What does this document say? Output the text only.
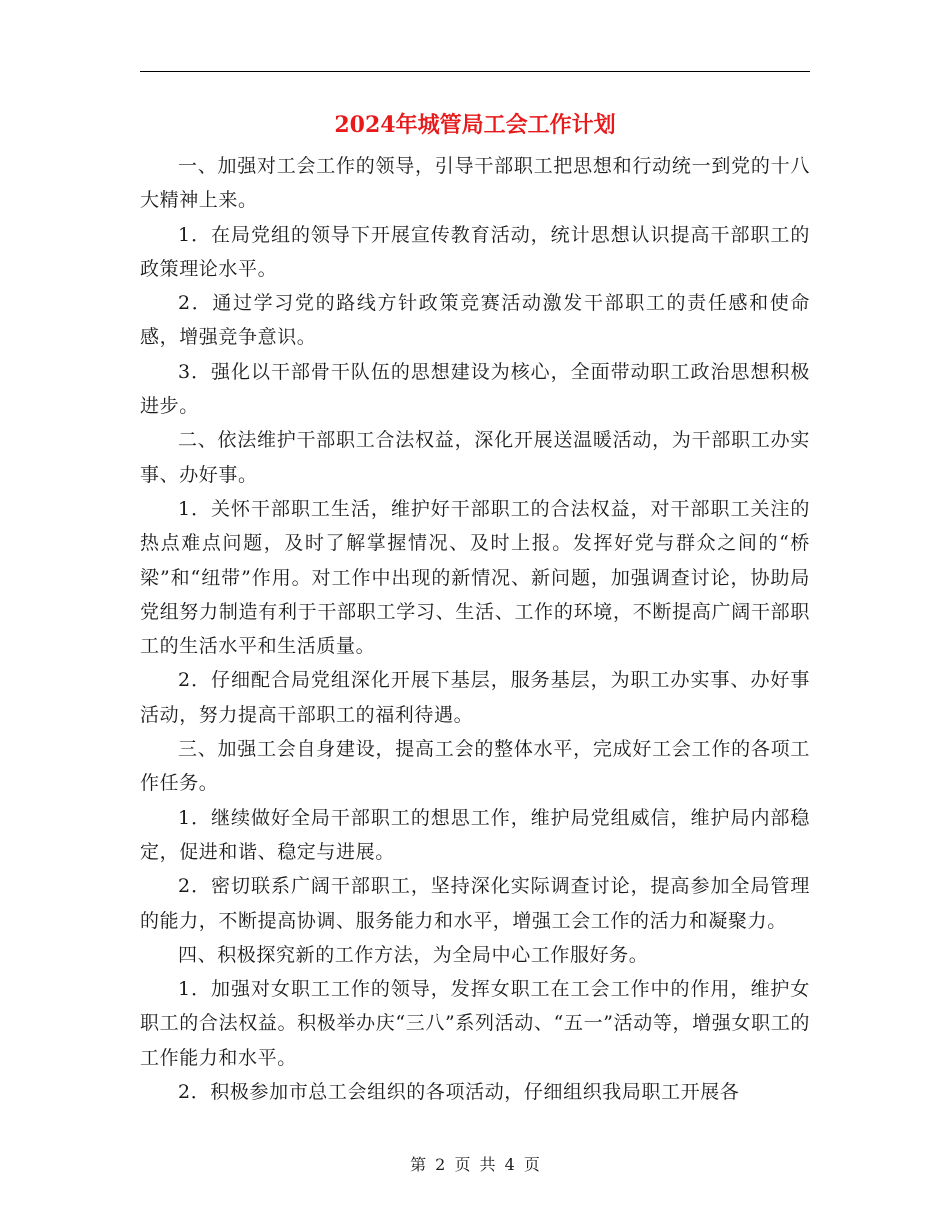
2024年城管局工会工作计划

一、加强对工会工作的领导，引导干部职工把思想和行动统一到党的十八大精神上来。

1．在局党组的领导下开展宣传教育活动，统计思想认识提高干部职工的政策理论水平。

2．通过学习党的路线方针政策竞赛活动激发干部职工的责任感和使命感，增强竞争意识。

3．强化以干部骨干队伍的思想建设为核心，全面带动职工政治思想积极进步。

二、依法维护干部职工合法权益，深化开展送温暖活动，为干部职工办实事、办好事。

1．关怀干部职工生活，维护好干部职工的合法权益，对干部职工关注的热点难点问题，及时了解掌握情况、及时上报。发挥好党与群众之间的“桥梁”和“纽带”作用。对工作中出现的新情况、新问题，加强调查讨论，协助局党组努力制造有利于干部职工学习、生活、工作的环境，不断提高广阔干部职工的生活水平和生活质量。

2．仔细配合局党组深化开展下基层，服务基层，为职工办实事、办好事活动，努力提高干部职工的福利待遇。

三、加强工会自身建设，提高工会的整体水平，完成好工会工作的各项工作任务。

1．继续做好全局干部职工的想思工作，维护局党组威信，维护局内部稳定，促进和谐、稳定与进展。

2．密切联系广阔干部职工，坚持深化实际调查讨论，提高参加全局管理的能力，不断提高协调、服务能力和水平，增强工会工作的活力和凝聚力。

四、积极探究新的工作方法，为全局中心工作服好务。

1．加强对女职工工作的领导，发挥女职工在工会工作中的作用，维护女职工的合法权益。积极举办庆“三八”系列活动、“五一”活动等，增强女职工的工作能力和水平。

2．积极参加市总工会组织的各项活动，仔细组织我局职工开展各

第 2 页 共 4 页
